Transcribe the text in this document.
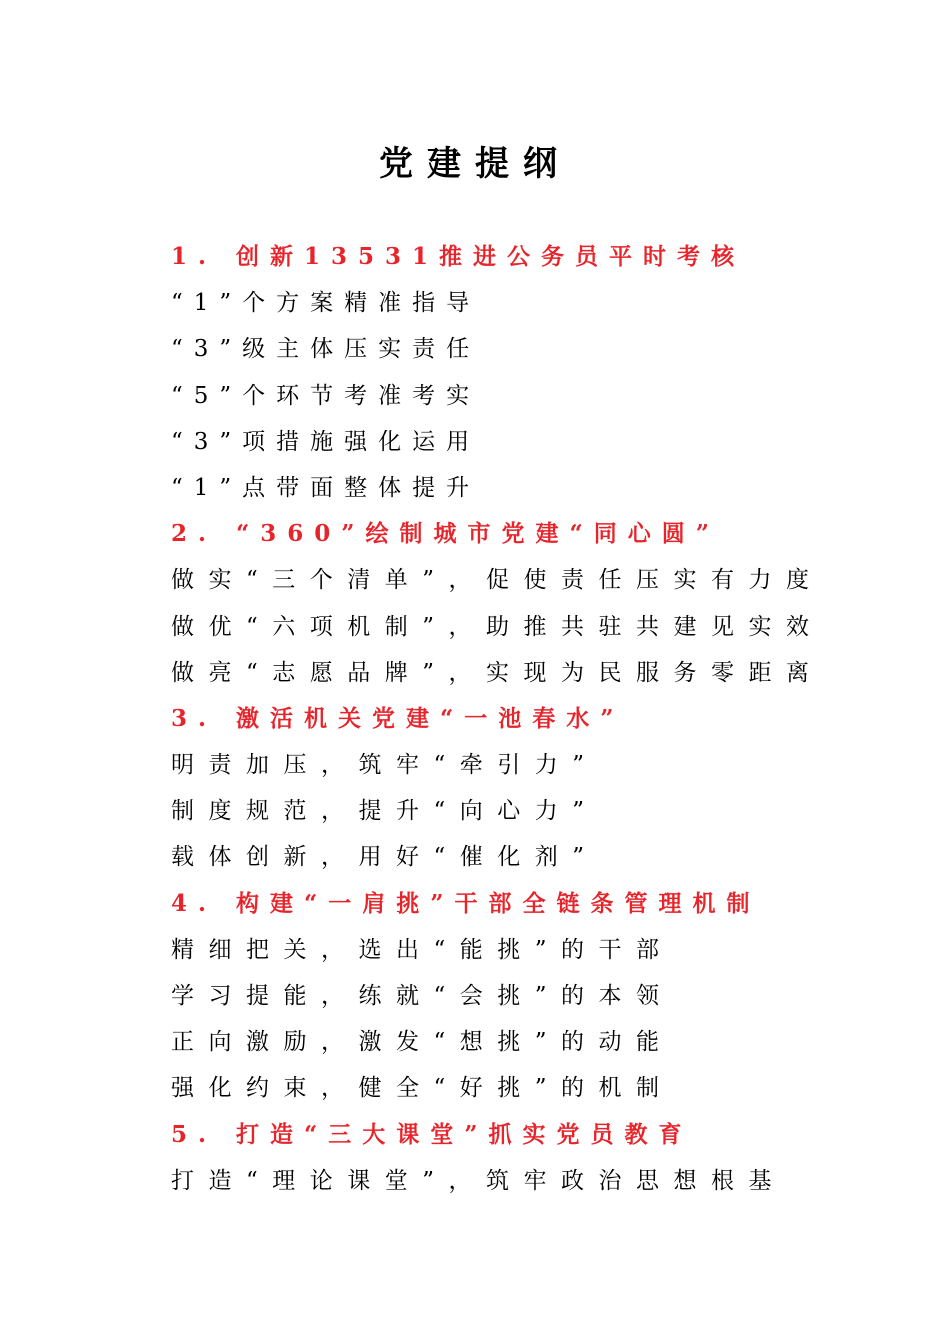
党建提纲
1. 创新13531推进公务员平时考核
“1”个方案精准指导
“3”级主体压实责任
“5”个环节考准考实
“3”项措施强化运用
“1”点带面整体提升
2. “360”绘制城市党建“同心圆”
做实“三个清单”，促使责任压实有力度
做优“六项机制”，助推共驻共建见实效
做亮“志愿品牌”，实现为民服务零距离
3. 激活机关党建“一池春水”
明责加压，筑牢“牵引力”
制度规范，提升“向心力”
载体创新，用好“催化剂”
4. 构建“一肩挑”干部全链条管理机制
精细把关，选出“能挑”的干部
学习提能，练就“会挑”的本领
正向激励，激发“想挑”的动能
强化约束，健全“好挑”的机制
5. 打造“三大课堂”抓实党员教育
打造“理论课堂”，筑牢政治思想根基
